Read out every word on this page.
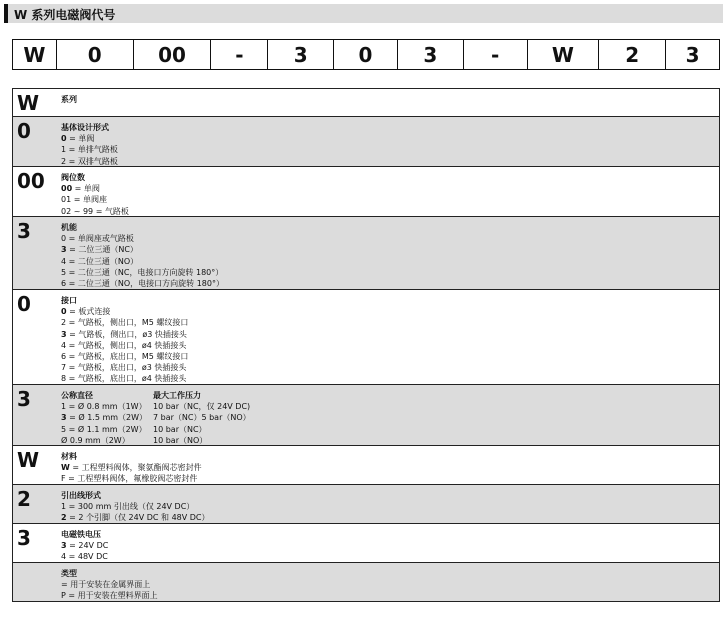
W 系列电磁阀代号
W	0	00	-	3	0	3	-	W	2	3
W	系列
0	基体设计形式
0 = 单阀
1 = 单排气路板
2 = 双排气路板
00 阀位数
00 = 单阀
01 = 单阀座
02 ~ 99 = 气路板
3	机能
0 = 单阀座或气路板
3 = 二位三通（NC）
4 = 二位三通（NO）
5 = 二位三通（NC，电接口方向旋转 180°）
6 = 二位三通（NO，电接口方向旋转 180°）
0	接口
0 = 板式连接
2 = 气路板，侧出口，M5 螺纹接口
3 = 气路板，侧出口，ø3 快插接头
4 = 气路板，侧出口，ø4 快插接头
6 = 气路板，底出口，M5 螺纹接口
7 = 气路板，底出口，ø3 快插接头
8 = 气路板，底出口，ø4 快插接头
3	公称直径	最大工作压力
1 = Ø 0.8 mm（1W） 10 bar（NC，仅 24V DC)
3 = Ø 1.5 mm（2W） 7 bar（NC）5 bar（NO）
5 = Ø 1.1 mm（2W） 10 bar（NC）
Ø 0.9 mm（2W）	10 bar（NO）
W	材料
W = 工程塑料阀体，聚氨酯阀芯密封件
F = 工程塑料阀体，氟橡胶阀芯密封件
2	引出线形式
1 = 300 mm 引出线（仅 24V DC）
2 = 2 个引脚（仅 24V DC 和 48V DC）
3	电磁铁电压
3 = 24V DC
4 = 48V DC
类型
= 用于安装在金属界面上
P = 用于安装在塑料界面上
